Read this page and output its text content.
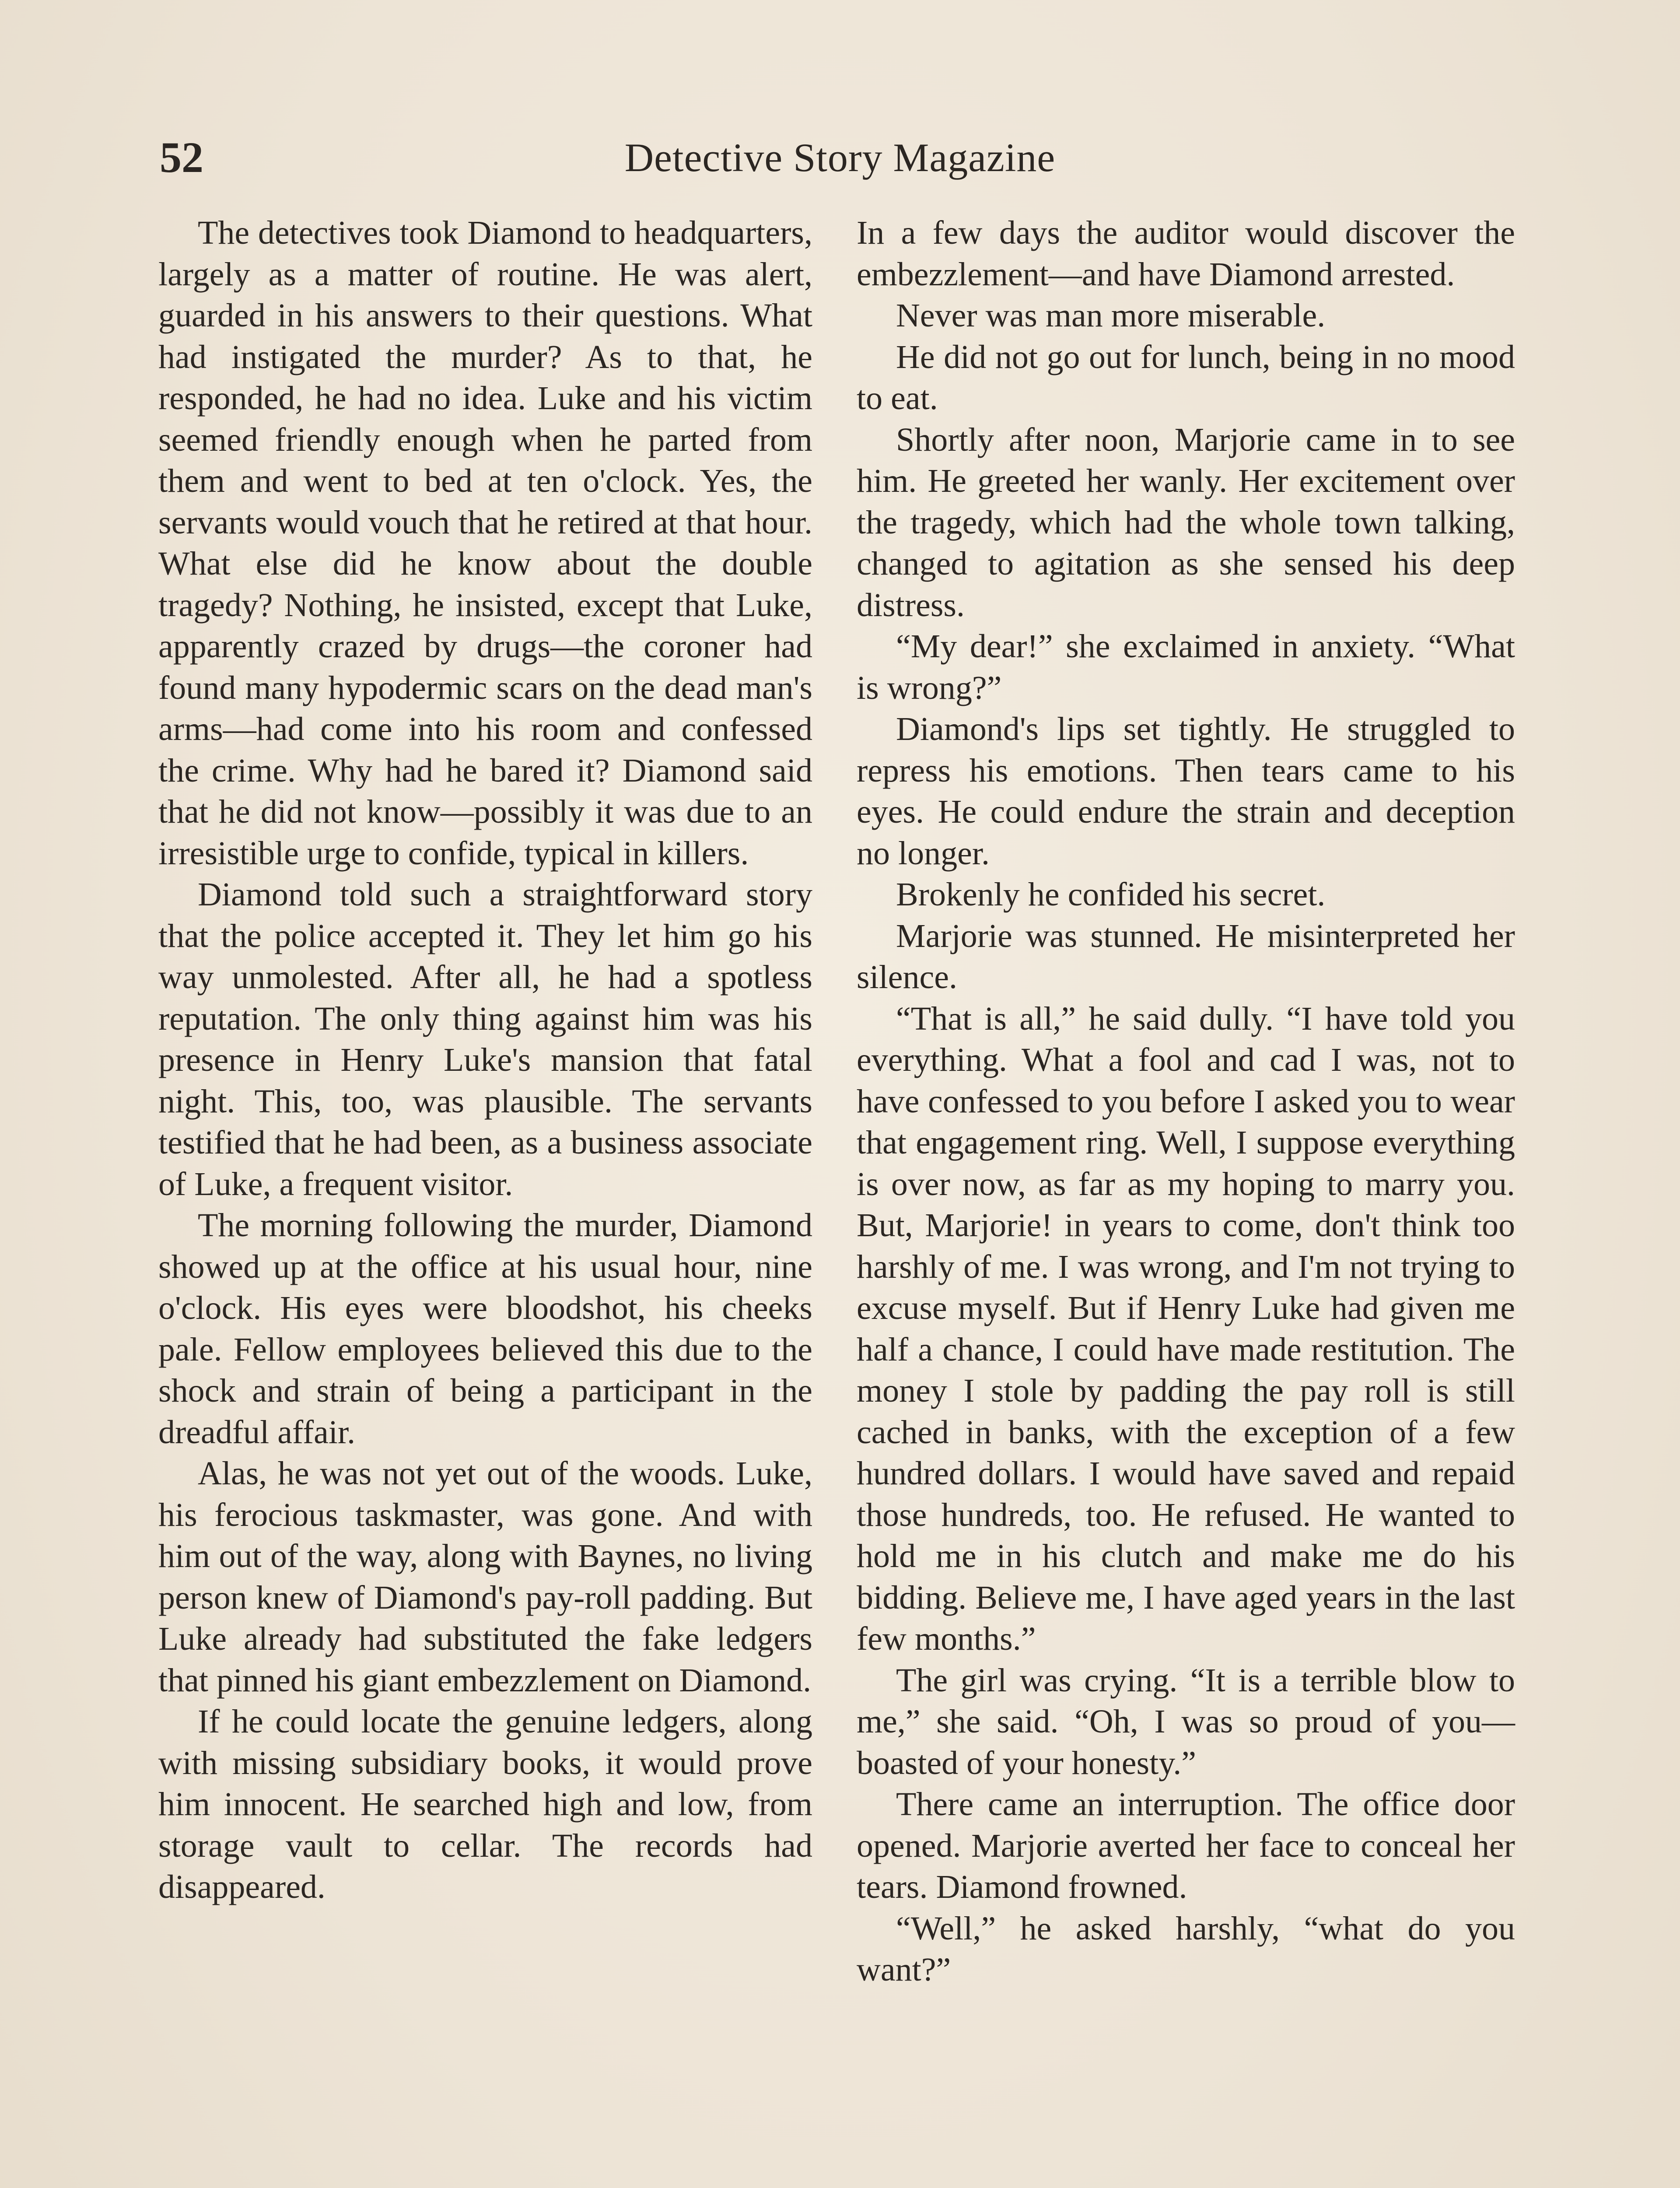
52	Detective Story Magazine

The detectives took Diamond to headquarters, largely as a matter of routine. He was alert, guarded in his answers to their questions. What had instigated the murder? As to that, he responded, he had no idea. Luke and his victim seemed friendly enough when he parted from them and went to bed at ten o'clock. Yes, the servants would vouch that he retired at that hour. What else did he know about the double tragedy? Nothing, he insisted, except that Luke, apparently crazed by drugs—the coroner had found many hypodermic scars on the dead man's arms—had come into his room and confessed the crime. Why had he bared it? Diamond said that he did not know—possibly it was due to an irresistible urge to confide, typical in killers.

Diamond told such a straightforward story that the police accepted it. They let him go his way unmolested. After all, he had a spotless reputation. The only thing against him was his presence in Henry Luke's mansion that fatal night. This, too, was plausible. The servants testified that he had been, as a business associate of Luke, a frequent visitor.

The morning following the murder, Diamond showed up at the office at his usual hour, nine o'clock. His eyes were bloodshot, his cheeks pale. Fellow employees believed this due to the shock and strain of being a participant in the dreadful affair.

Alas, he was not yet out of the woods. Luke, his ferocious taskmaster, was gone. And with him out of the way, along with Baynes, no living person knew of Diamond's pay-roll padding. But Luke already had substituted the fake ledgers that pinned his giant embezzlement on Diamond.

If he could locate the genuine ledgers, along with missing subsidiary books, it would prove him innocent. He searched high and low, from storage vault to cellar. The records had disappeared.

In a few days the auditor would discover the embezzlement—and have Diamond arrested.

Never was man more miserable.

He did not go out for lunch, being in no mood to eat.

Shortly after noon, Marjorie came in to see him. He greeted her wanly. Her excitement over the tragedy, which had the whole town talking, changed to agitation as she sensed his deep distress.

“My dear!” she exclaimed in anxiety. “What is wrong?”

Diamond's lips set tightly. He struggled to repress his emotions. Then tears came to his eyes. He could endure the strain and deception no longer.

Brokenly he confided his secret.

Marjorie was stunned. He misinterpreted her silence.

“That is all,” he said dully. “I have told you everything. What a fool and cad I was, not to have confessed to you before I asked you to wear that engagement ring. Well, I suppose everything is over now, as far as my hoping to marry you. But, Marjorie! in years to come, don't think too harshly of me. I was wrong, and I'm not trying to excuse myself. But if Henry Luke had given me half a chance, I could have made restitution. The money I stole by padding the pay roll is still cached in banks, with the exception of a few hundred dollars. I would have saved and repaid those hundreds, too. He refused. He wanted to hold me in his clutch and make me do his bidding. Believe me, I have aged years in the last few months.”

The girl was crying. “It is a terrible blow to me,” she said. “Oh, I was so proud of you—boasted of your honesty.”

There came an interruption. The office door opened. Marjorie averted her face to conceal her tears. Diamond frowned.

“Well,” he asked harshly, “what do you want?”
